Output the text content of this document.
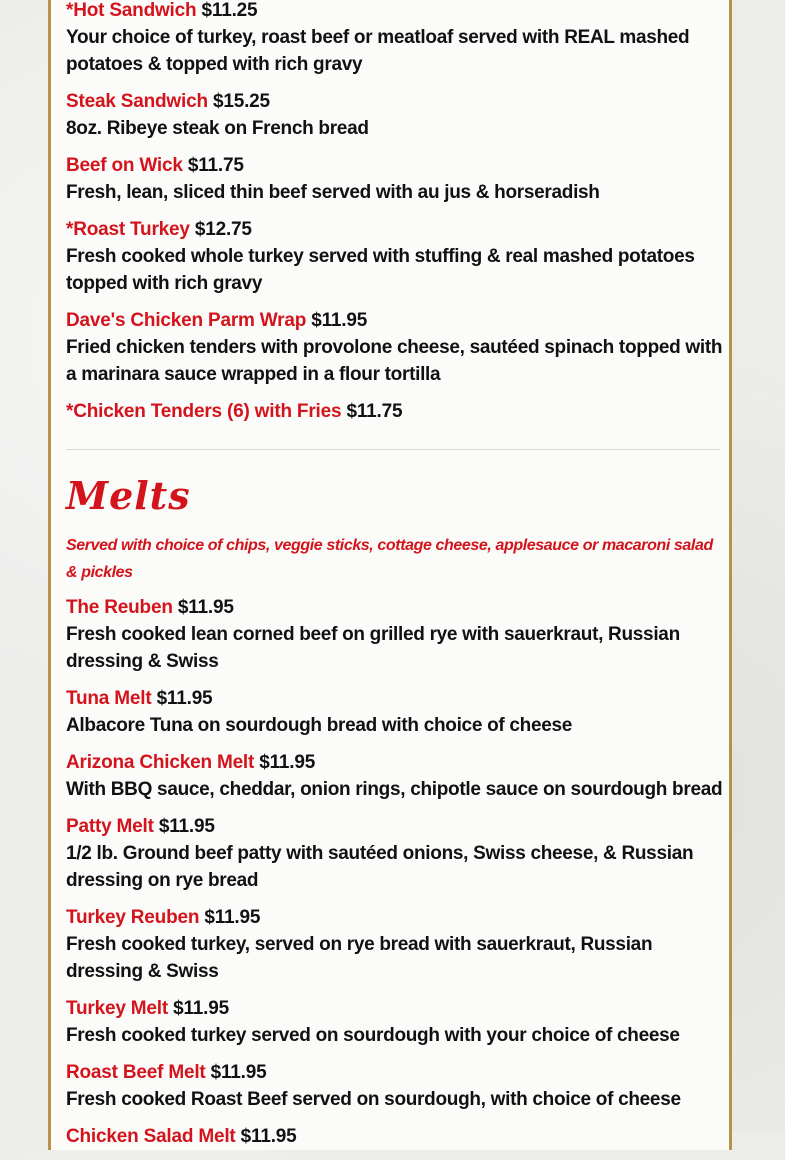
*Hot Sandwich $11.25
Your choice of turkey, roast beef or meatloaf served with REAL mashed potatoes & topped with rich gravy
Steak Sandwich $15.25
8oz. Ribeye steak on French bread
Beef on Wick $11.75
Fresh, lean, sliced thin beef served with au jus & horseradish
*Roast Turkey $12.75
Fresh cooked whole turkey served with stuffing & real mashed potatoes topped with rich gravy
Dave's Chicken Parm Wrap $11.95
Fried chicken tenders with provolone cheese, sautéed spinach topped with a marinara sauce wrapped in a flour tortilla
*Chicken Tenders (6) with Fries $11.75
Melts
Served with choice of chips, veggie sticks, cottage cheese, applesauce or macaroni salad & pickles
The Reuben $11.95
Fresh cooked lean corned beef on grilled rye with sauerkraut, Russian dressing & Swiss
Tuna Melt $11.95
Albacore Tuna on sourdough bread with choice of cheese
Arizona Chicken Melt $11.95
With BBQ sauce, cheddar, onion rings, chipotle sauce on sourdough bread
Patty Melt $11.95
1/2 lb. Ground beef patty with sautéed onions, Swiss cheese, & Russian dressing on rye bread
Turkey Reuben $11.95
Fresh cooked turkey, served on rye bread with sauerkraut, Russian dressing & Swiss
Turkey Melt $11.95
Fresh cooked turkey served on sourdough with your choice of cheese
Roast Beef Melt $11.95
Fresh cooked Roast Beef served on sourdough, with choice of cheese
Chicken Salad Melt $11.95
